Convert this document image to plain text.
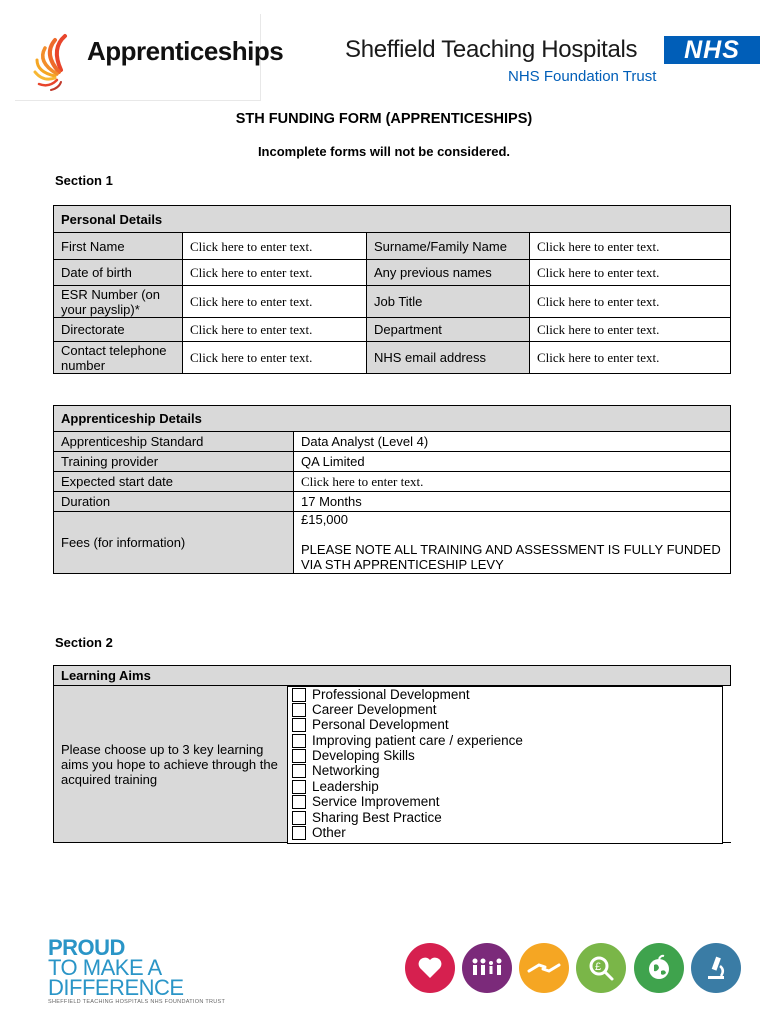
Apprenticeships	Sheffield Teaching Hospitals
NHS Foundation Trust
NHS
STH FUNDING FORM (APPRENTICESHIPS)
Incomplete forms will not be considered.
Section 1
Personal Details			
First Name	Click here to enter text.	Surname/Family Name	Click here to enter text.
Date of birth	Click here to enter text.	Any previous names	Click here to enter text.
ESR Number (on your payslip)*	Click here to enter text.	Job Title	Click here to enter text.
Directorate	Click here to enter text.	Department	Click here to enter text.
Contact telephone number	Click here to enter text.	NHS email address	Click here to enter text.
Apprenticeship Details	
Apprenticeship Standard	Data Analyst (Level 4)
Training provider	QA Limited
Expected start date	Click here to enter text.
Duration	17 Months
Fees (for information)	£15,000
PLEASE NOTE ALL TRAINING AND ASSESSMENT IS FULLY FUNDED VIA STH APPRENTICESHIP LEVY
Section 2
Learning Aims
Please choose up to 3 key learning aims you hope to achieve through the acquired training	
Professional Development
Career Development
Personal Development
Improving patient care / experience
Developing Skills
Networking
Leadership
Service Improvement
Sharing Best Practice
Other
PROUD
TO MAKE A
DIFFERENCE
SHEFFIELD TEACHING HOSPITALS NHS FOUNDATION TRUST
£
